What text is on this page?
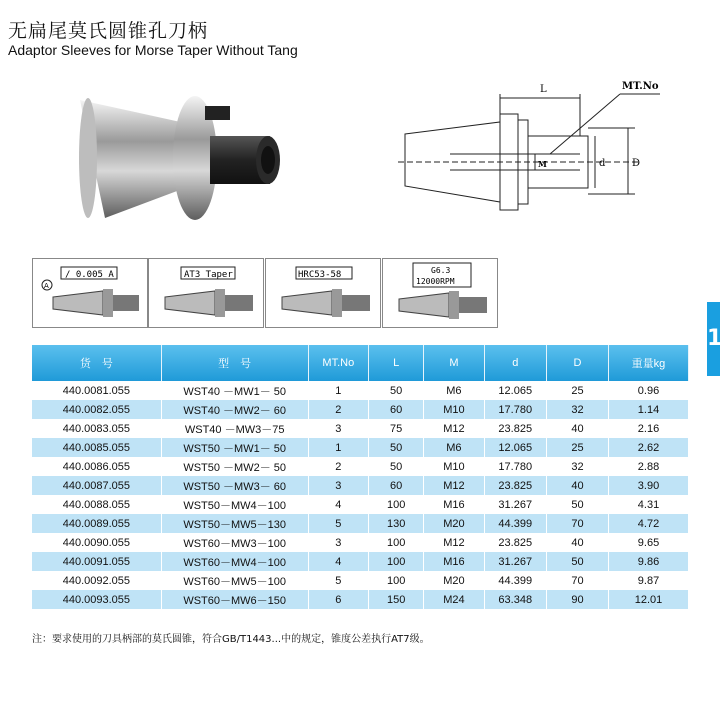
无扁尾莫氏圆锥孔刀柄
Adaptor Sleeves for Morse Taper Without Tang
L	MT.No
M	d	D
/ 0.005 A
A
AT3 Taper	HRC53-58	G6.3
12000RPM
1
货　号	型　号	MT.No	L	M	d	D	重量kg
440.0081.055	WST40 －MW1－ 50	1	50	M6	12.065	25	0.96
440.0082.055	WST40 －MW2－ 60	2	60	M10	17.780	32	1.14
440.0083.055	WST40 －MW3－75	3	75	M12	23.825	40	2.16
440.0085.055	WST50 －MW1－ 50	1	50	M6	12.065	25	2.62
440.0086.055	WST50 －MW2－ 50	2	50	M10	17.780	32	2.88
440.0087.055	WST50 －MW3－ 60	3	60	M12	23.825	40	3.90
440.0088.055	WST50－MW4－100	4	100	M16	31.267	50	4.31
440.0089.055	WST50－MW5－130	5	130	M20	44.399	70	4.72
440.0090.055	WST60－MW3－100	3	100	M12	23.825	40	9.65
440.0091.055	WST60－MW4－100	4	100	M16	31.267	50	9.86
440.0092.055	WST60－MW5－100	5	100	M20	44.399	70	9.87
440.0093.055	WST60－MW6－150	6	150	M24	63.348	90	12.01
注：要求使用的刀具柄部的莫氏圆锥，符合GB/T1443...中的规定，锥度公差执行AT7级。
